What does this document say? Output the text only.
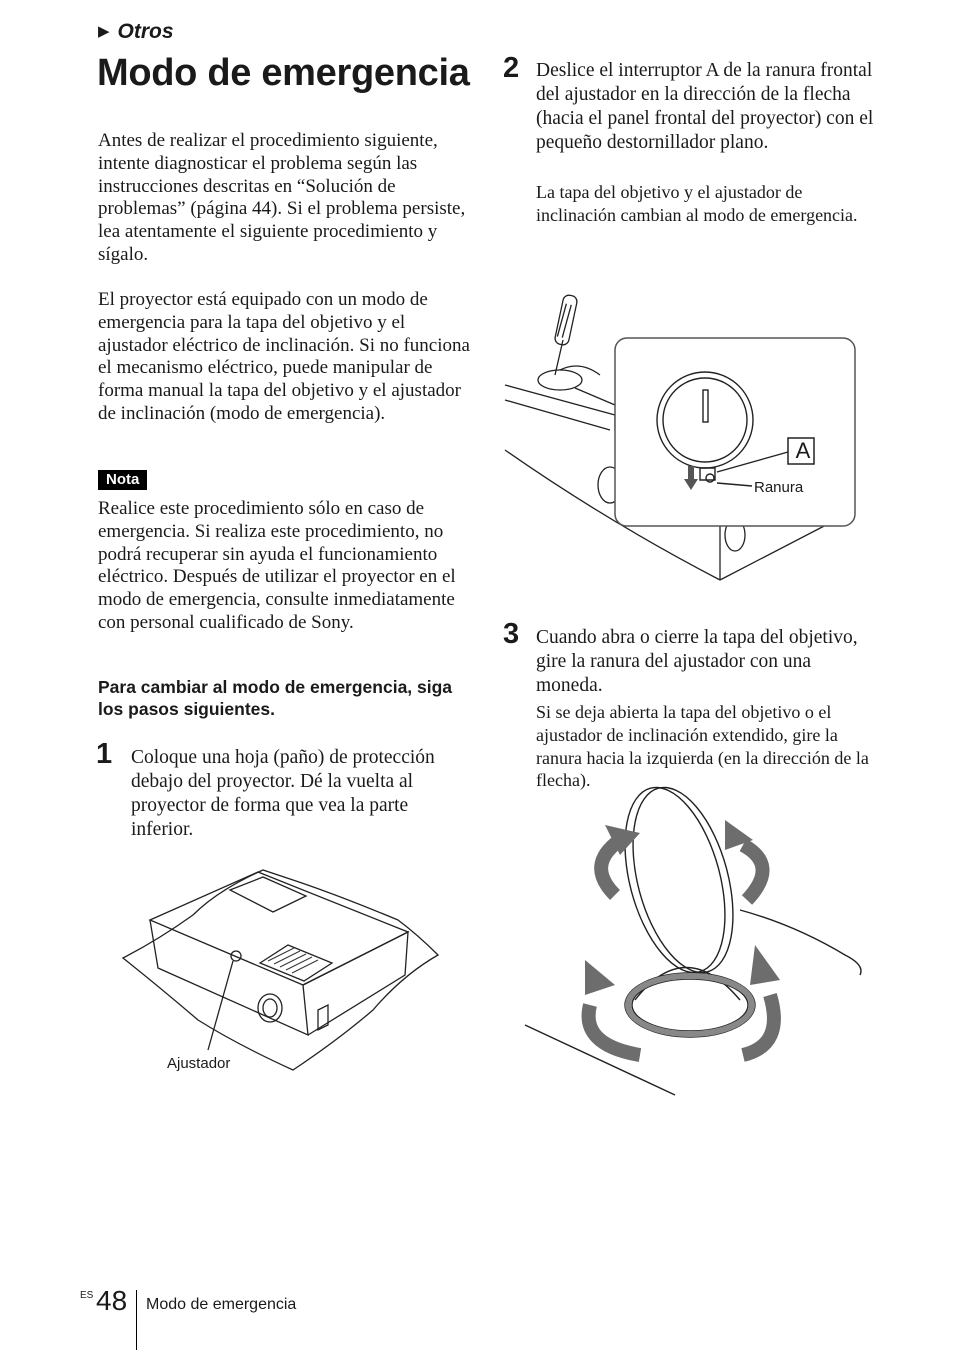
▶ Otros
Modo de emergencia
Antes de realizar el procedimiento siguiente, intente diagnosticar el problema según las instrucciones descritas en “Solución de problemas” (página 44). Si el problema persiste, lea atentamente el siguiente procedimiento y sígalo.
El proyector está equipado con un modo de emergencia para la tapa del objetivo y el ajustador eléctrico de inclinación. Si no funciona el mecanismo eléctrico, puede manipular de forma manual la tapa del objetivo y el ajustador de inclinación (modo de emergencia).
Nota
Realice este procedimiento sólo en caso de emergencia. Si realiza este procedimiento, no podrá recuperar sin ayuda el funcionamiento eléctrico. Después de utilizar el proyector en el modo de emergencia, consulte inmediatamente con personal cualificado de Sony.
Para cambiar al modo de emergencia, siga los pasos siguientes.
1 Coloque una hoja (paño) de protección debajo del proyector. Dé la vuelta al proyector de forma que vea la parte inferior.
Ajustador
2 Deslice el interruptor A de la ranura frontal del ajustador en la dirección de la flecha (hacia el panel frontal del proyector) con el pequeño destornillador plano.
La tapa del objetivo y el ajustador de inclinación cambian al modo de emergencia.
A
Ranura
3 Cuando abra o cierre la tapa del objetivo, gire la ranura del ajustador con una moneda.
Si se deja abierta la tapa del objetivo o el ajustador de inclinación extendido, gire la ranura hacia la izquierda (en la dirección de la flecha).
ES 48 Modo de emergencia
